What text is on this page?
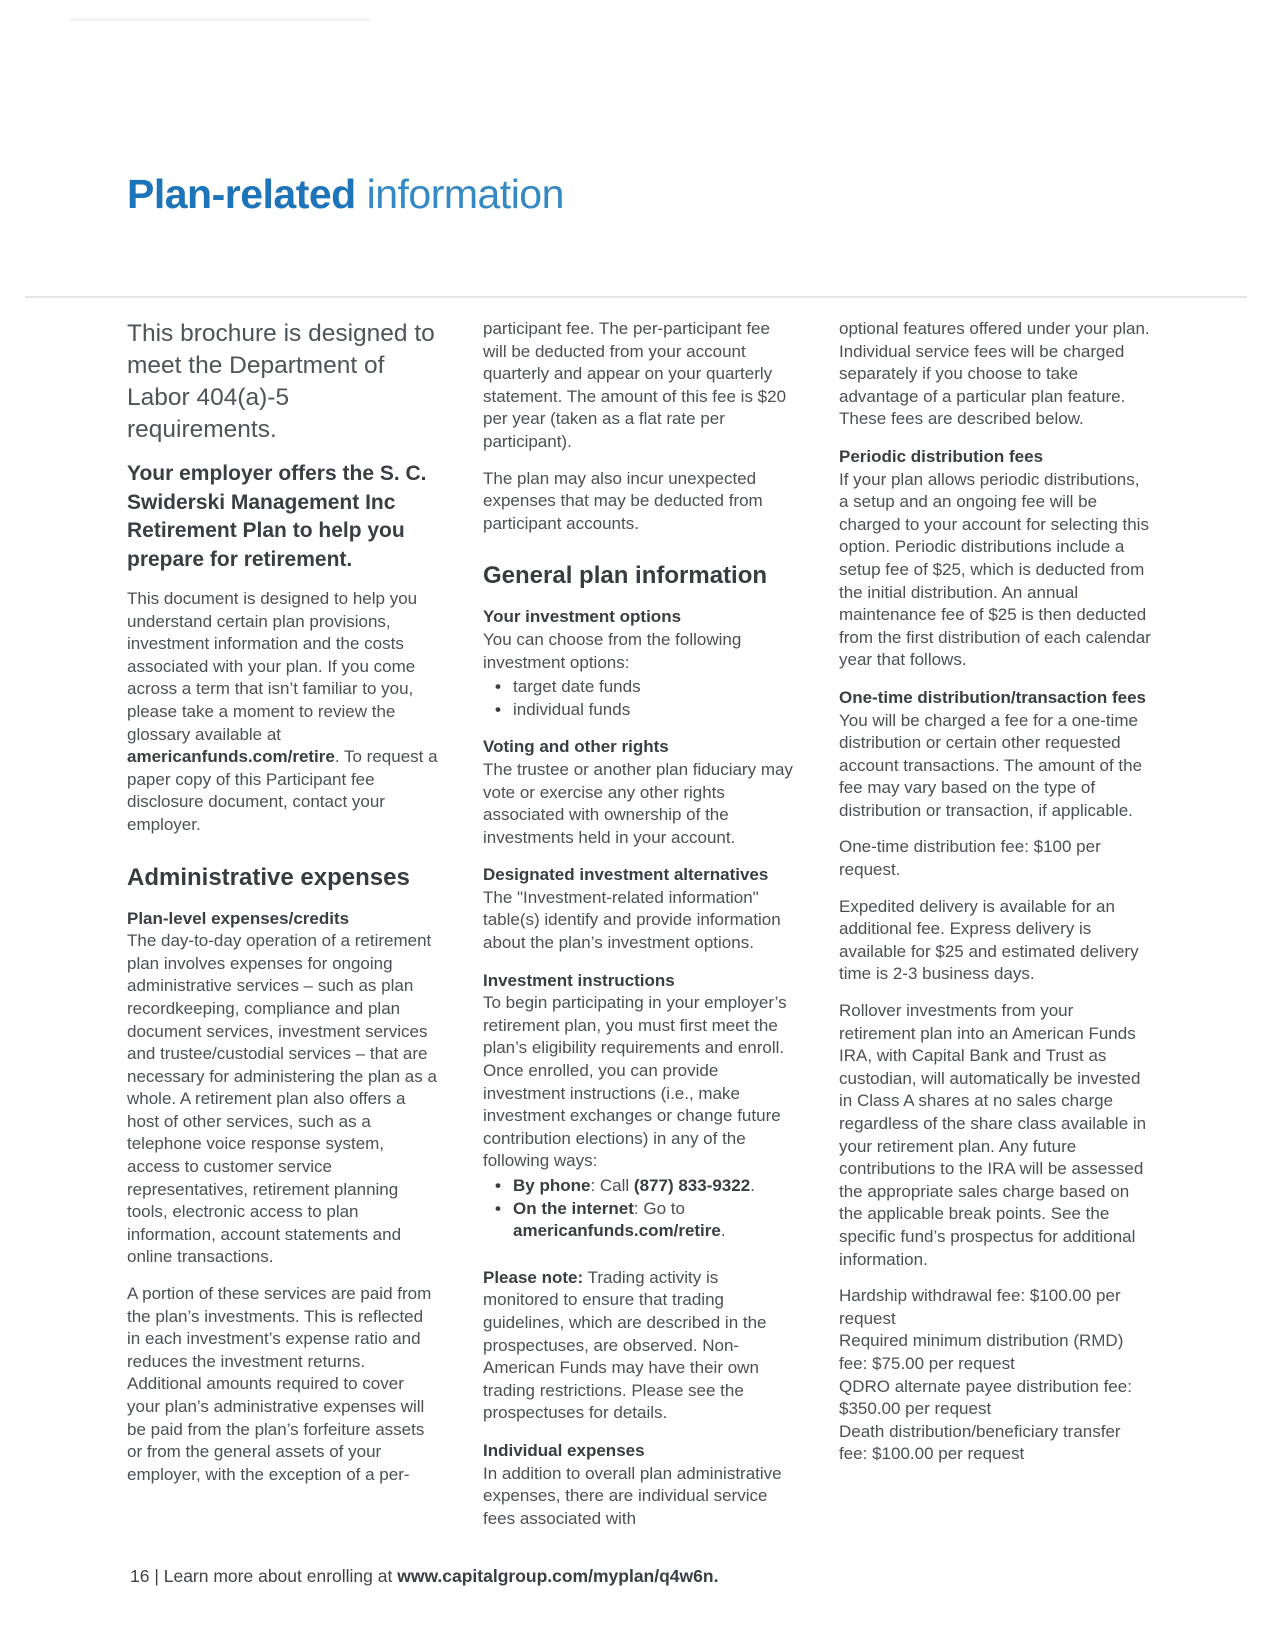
Plan-related information

This brochure is designed to meet the Department of Labor 404(a)-5 requirements.

Your employer offers the S. C. Swiderski Management Inc Retirement Plan to help you prepare for retirement.

This document is designed to help you understand certain plan provisions, investment information and the costs associated with your plan. If you come across a term that isn’t familiar to you, please take a moment to review the glossary available at americanfunds.com/retire. To request a paper copy of this Participant fee disclosure document, contact your employer.

Administrative expenses
Plan-level expenses/credits

The day-to-day operation of a retirement plan involves expenses for ongoing administrative services – such as plan recordkeeping, compliance and plan document services, investment services and trustee/custodial services – that are necessary for administering the plan as a whole. A retirement plan also offers a host of other services, such as a telephone voice response system, access to customer service representatives, retirement planning tools, electronic access to plan information, account statements and online transactions.

A portion of these services are paid from the plan’s investments. This is reflected in each investment’s expense ratio and reduces the investment returns. Additional amounts required to cover your plan’s administrative expenses will be paid from the plan’s forfeiture assets or from the general assets of your employer, with the exception of a per-

participant fee. The per-participant fee will be deducted from your account quarterly and appear on your quarterly statement. The amount of this fee is $20 per year (taken as a flat rate per participant).

The plan may also incur unexpected expenses that may be deducted from participant accounts.

General plan information
Your investment options

You can choose from the following investment options:

• target date funds
• individual funds
Voting and other rights

The trustee or another plan fiduciary may vote or exercise any other rights associated with ownership of the investments held in your account.

Designated investment alternatives

The "Investment-related information" table(s) identify and provide information about the plan’s investment options.

Investment instructions

To begin participating in your employer’s retirement plan, you must first meet the plan’s eligibility requirements and enroll. Once enrolled, you can provide investment instructions (i.e., make investment exchanges or change future contribution elections) in any of the following ways:

• By phone: Call (877) 833-9322.
• On the internet: Go to americanfunds.com/retire.

Please note: Trading activity is monitored to ensure that trading guidelines, which are described in the prospectuses, are observed. Non-American Funds may have their own trading restrictions. Please see the prospectuses for details.

Individual expenses

In addition to overall plan administrative expenses, there are individual service fees associated with

optional features offered under your plan. Individual service fees will be charged separately if you choose to take advantage of a particular plan feature. These fees are described below.

Periodic distribution fees

If your plan allows periodic distributions, a setup and an ongoing fee will be charged to your account for selecting this option. Periodic distributions include a setup fee of $25, which is deducted from the initial distribution. An annual maintenance fee of $25 is then deducted from the first distribution of each calendar year that follows.

One-time distribution/transaction fees

You will be charged a fee for a one-time distribution or certain other requested account transactions. The amount of the fee may vary based on the type of distribution or transaction, if applicable.

One-time distribution fee: $100 per request.

Expedited delivery is available for an additional fee. Express delivery is available for $25 and estimated delivery time is 2-3 business days.

Rollover investments from your retirement plan into an American Funds IRA, with Capital Bank and Trust as custodian, will automatically be invested in Class A shares at no sales charge regardless of the share class available in your retirement plan. Any future contributions to the IRA will be assessed the appropriate sales charge based on the applicable break points. See the specific fund’s prospectus for additional information.

Hardship withdrawal fee: $100.00 per request
Required minimum distribution (RMD) fee: $75.00 per request
QDRO alternate payee distribution fee: $350.00 per request
Death distribution/beneficiary transfer fee: $100.00 per request
16 | Learn more about enrolling at www.capitalgroup.com/myplan/q4w6n.
